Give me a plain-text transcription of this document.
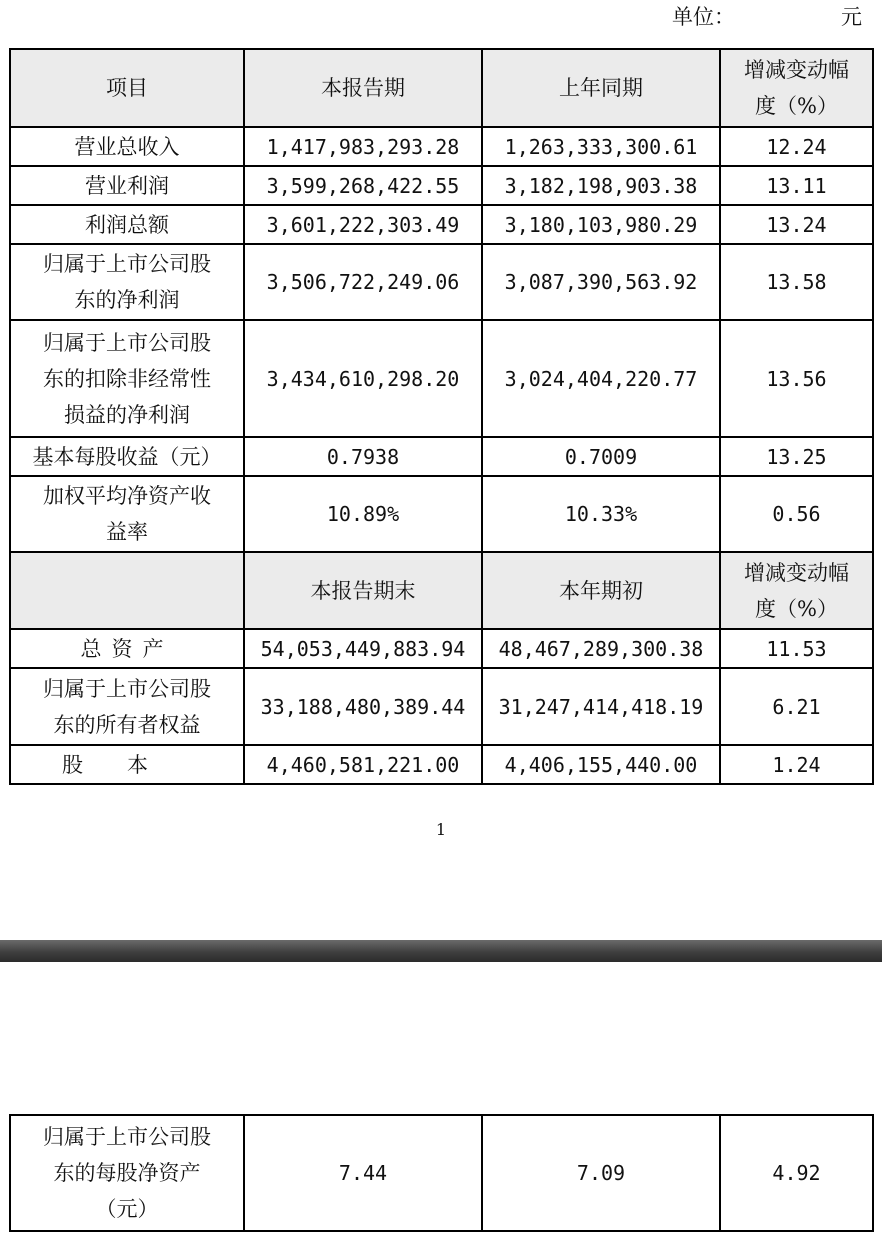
单位：	元
项目	本报告期	上年同期	增减变动幅
度（%）

营业总收入	1,417,983,293.28	1,263,333,300.61	12.24
营业利润	3,599,268,422.55	3,182,198,903.38	13.11
利润总额	3,601,222,303.49	3,180,103,980.29	13.24

归属于上市公司股
东的净利润	3,506,722,249.06	3,087,390,563.92	13.58

归属于上市公司股
东的扣除非经常性
损益的净利润	3,434,610,298.20	3,024,404,220.77	13.56
基本每股收益（元）	0.7938	0.7009	13.25

加权平均净资产收
益率	10.89%	10.33%	0.56
	本报告期末	本年期初	增减变动幅
度（%）

总资产	54,053,449,883.94	48,467,289,300.38	11.53

归属于上市公司股
东的所有者权益	33,188,480,389.44	31,247,414,418.19	6.21
股本	4,460,581,221.00	4,406,155,440.00	1.24
1
归属于上市公司股
东的每股净资产
（元）
	7.44	7.09	4.92
